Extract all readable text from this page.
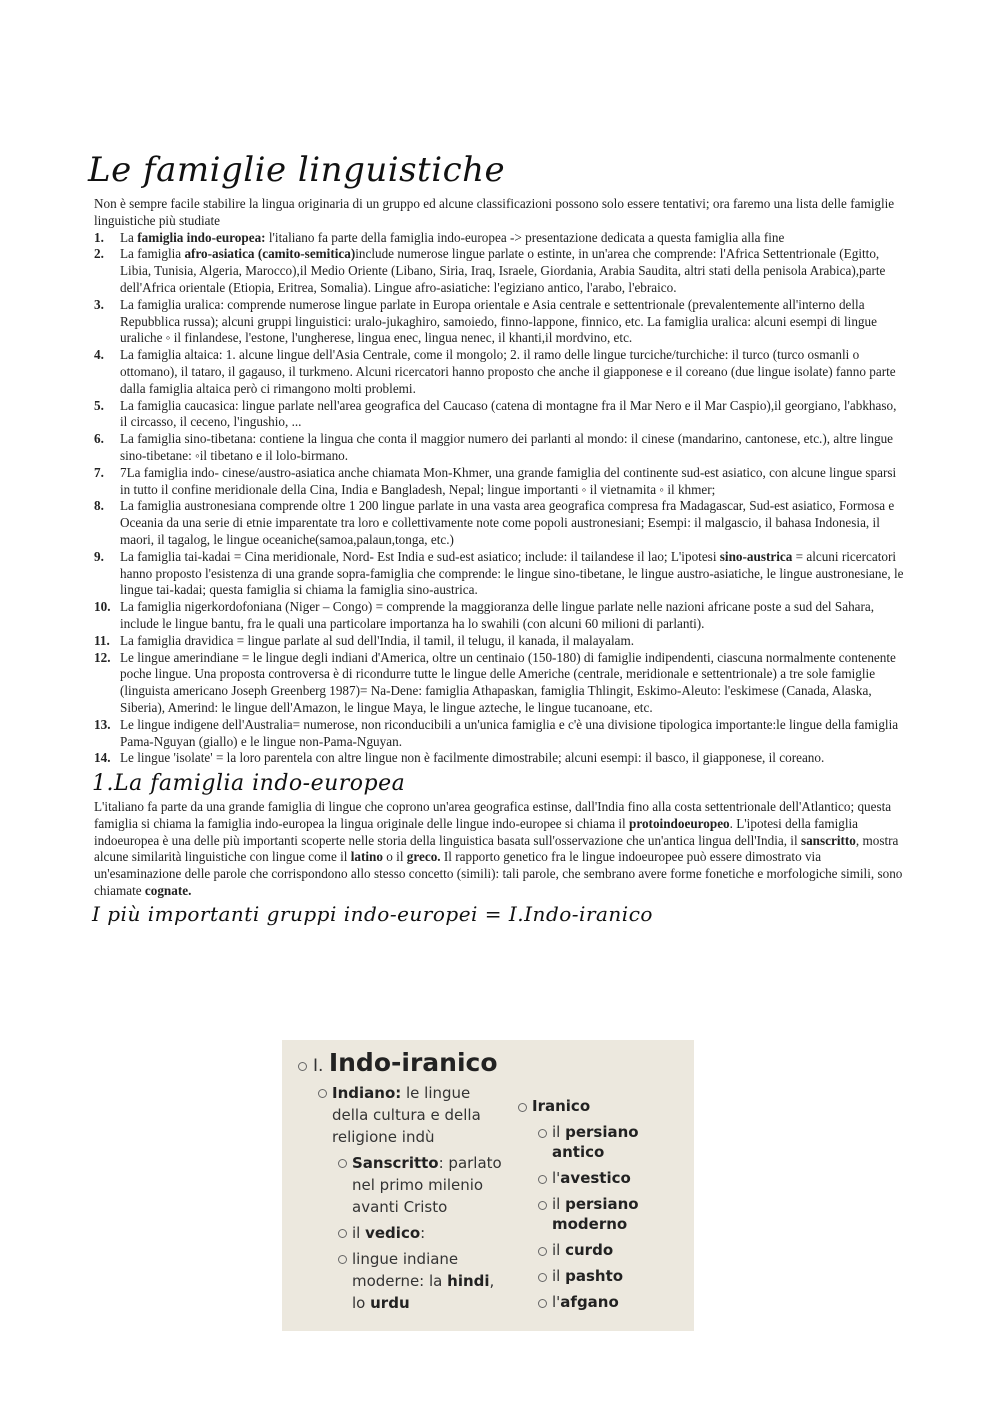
Le famiglie linguistiche

Non è sempre facile stabilire la lingua originaria di un gruppo ed alcune classificazioni possono solo essere tentativi; ora faremo una lista delle famiglie linguistiche più studiate

1. La famiglia indo-europea: l'italiano fa parte della famiglia indo-europea -> presentazione dedicata a questa famiglia alla fine
2. La famiglia afro-asiatica (camito-semitica)include numerose lingue parlate o estinte, in un'area che comprende: l'Africa Settentrionale (Egitto, Libia, Tunisia, Algeria, Marocco),il Medio Oriente (Libano, Siria, Iraq, Israele, Giordania, Arabia Saudita, altri stati della penisola Arabica),parte dell'Africa orientale (Etiopia, Eritrea, Somalia). Lingue afro-asiatiche: l'egiziano antico, l'arabo, l'ebraico.
3. La famiglia uralica: comprende numerose lingue parlate in Europa orientale e Asia centrale e settentrionale (prevalentemente all'interno della Repubblica russa); alcuni gruppi linguistici: uralo-jukaghiro, samoiedo, finno-lappone, finnico, etc. La famiglia uralica: alcuni esempi di lingue uraliche ◦ il finlandese, l'estone, l'ungherese, lingua enec, lingua nenec, il khanti,il mordvino, etc.
4. La famiglia altaica: 1. alcune lingue dell'Asia Centrale, come il mongolo; 2. il ramo delle lingue turciche/turchiche: il turco (turco osmanli o ottomano), il tataro, il gagauso, il turkmeno. Alcuni ricercatori hanno proposto che anche il giapponese e il coreano (due lingue isolate) fanno parte dalla famiglia altaica però ci rimangono molti problemi.
5. La famiglia caucasica: lingue parlate nell'area geografica del Caucaso (catena di montagne fra il Mar Nero e il Mar Caspio),il georgiano, l'abkhaso, il circasso, il ceceno, l'ingushio, ...
6. La famiglia sino-tibetana: contiene la lingua che conta il maggior numero dei parlanti al mondo: il cinese (mandarino, cantonese, etc.), altre lingue sino-tibetane: ◦il tibetano e il lolo-birmano.
7. 7La famiglia indo- cinese/austro-asiatica anche chiamata Mon-Khmer, una grande famiglia del continente sud-est asiatico, con alcune lingue sparsi in tutto il confine meridionale della Cina, India e Bangladesh, Nepal; lingue importanti ◦ il vietnamita ◦ il khmer;
8. La famiglia austronesiana comprende oltre 1 200 lingue parlate in una vasta area geografica compresa fra Madagascar, Sud-est asiatico, Formosa e Oceania da una serie di etnie imparentate tra loro e collettivamente note come popoli austronesiani; Esempi: il malgascio, il bahasa Indonesia, il maori, il tagalog, le lingue oceaniche(samoa,palaun,tonga, etc.)
9. La famiglia tai-kadai = Cina meridionale, Nord- Est India e sud-est asiatico; include: il tailandese il lao; L'ipotesi sino-austrica = alcuni ricercatori hanno proposto l'esistenza di una grande sopra-famiglia che comprende: le lingue sino-tibetane, le lingue austro-asiatiche, le lingue austronesiane, le lingue tai-kadai; questa famiglia si chiama la famiglia sino-austrica.
10. La famiglia nigerkordofoniana (Niger – Congo) = comprende la maggioranza delle lingue parlate nelle nazioni africane poste a sud del Sahara, include le lingue bantu, fra le quali una particolare importanza ha lo swahili (con alcuni 60 milioni di parlanti).
11. La famiglia dravidica = lingue parlate al sud dell'India, il tamil, il telugu, il kanada, il malayalam.
12. Le lingue amerindiane = le lingue degli indiani d'America, oltre un centinaio (150-180) di famiglie indipendenti, ciascuna normalmente contenente poche lingue. Una proposta controversa è di ricondurre tutte le lingue delle Americhe (centrale, meridionale e settentrionale) a tre sole famiglie (linguista americano Joseph Greenberg 1987)= Na-Dene: famiglia Athapaskan, famiglia Thlingit, Eskimo-Aleuto: l'eskimese (Canada, Alaska, Siberia), Amerind: le lingue dell'Amazon, le lingue Maya, le lingue azteche, le lingue tucanoane, etc.
13. Le lingue indigene dell'Australia= numerose, non riconducibili a un'unica famiglia e c'è una divisione tipologica importante:le lingue della famiglia Pama-Nguyan (giallo) e le lingue non-Pama-Nguyan.
14. Le lingue 'isolate' = la loro parentela con altre lingue non è facilmente dimostrabile; alcuni esempi: il basco, il giapponese, il coreano.
1.La famiglia indo-europea

L'italiano fa parte da una grande famiglia di lingue che coprono un'area geografica estinse, dall'India fino alla costa settentrionale dell'Atlantico; questa famiglia si chiama la famiglia indo-europea la lingua originale delle lingue indo-europee si chiama il protoindoeuropeo. L'ipotesi della famiglia indoeuropea è una delle più importanti scoperte nelle storia della linguistica basata sull'osservazione che un'antica lingua dell'India, il sanscritto, mostra alcune similarità linguistiche con lingue come il latino o il greco. Il rapporto genetico fra le lingue indoeuropee può essere dimostrato via un'esaminazione delle parole che corrispondono allo stesso concetto (simili): tali parole, che sembrano avere forme fonetiche e morfologiche simili, sono chiamate cognate.

I più importanti gruppi indo-europei = I.Indo-iranico
I. Indo-iranico
Indiano: le lingue della cultura e della religione indù
Sanscritto: parlato nel primo milenio avanti Cristo
il vedico:
lingue indiane moderne: la hindi, lo urdu
Iranico
il persiano antico
l'avestico
il persiano moderno
il curdo
il pashto
l'afgano
